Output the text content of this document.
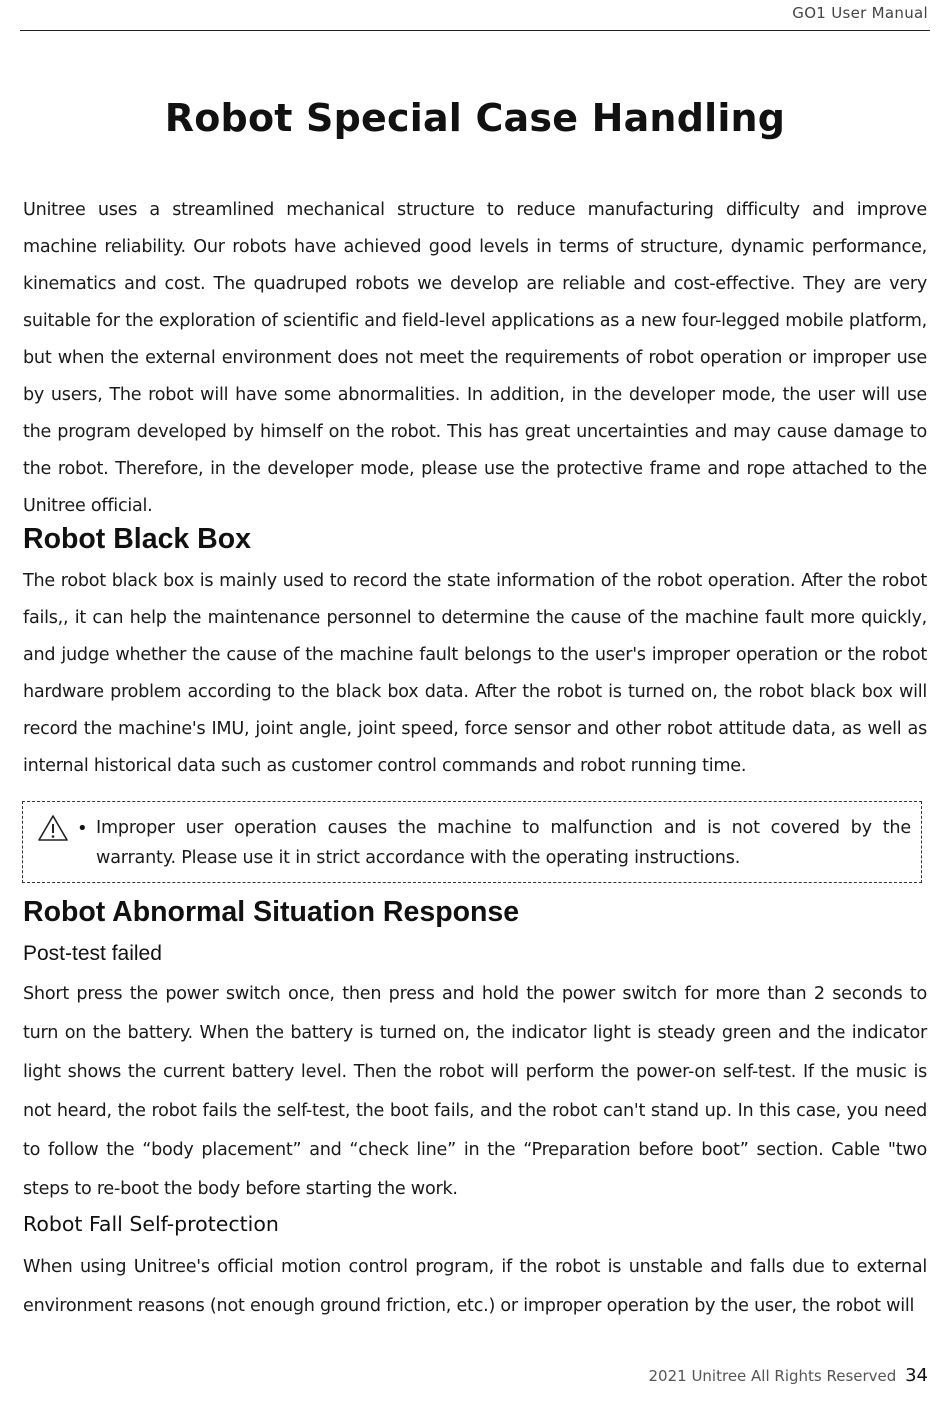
GO1 User Manual
Robot Special Case Handling
Unitree uses a streamlined mechanical structure to reduce manufacturing difficulty and improve machine reliability. Our robots have achieved good levels in terms of structure, dynamic performance, kinematics and cost. The quadruped robots we develop are reliable and cost-effective. They are very suitable for the exploration of scientific and field-level applications as a new four-legged mobile platform, but when the external environment does not meet the requirements of robot operation or improper use by users, The robot will have some abnormalities. In addition, in the developer mode, the user will use the program developed by himself on the robot. This has great uncertainties and may cause damage to the robot. Therefore, in the developer mode, please use the protective frame and rope attached to the Unitree official.
Robot Black Box
The robot black box is mainly used to record the state information of the robot operation. After the robot fails,, it can help the maintenance personnel to determine the cause of the machine fault more quickly, and judge whether the cause of the machine fault belongs to the user's improper operation or the robot hardware problem according to the black box data. After the robot is turned on, the robot black box will record the machine's IMU, joint angle, joint speed, force sensor and other robot attitude data, as well as internal historical data such as customer control commands and robot running time.
• Improper user operation causes the machine to malfunction and is not covered by the warranty. Please use it in strict accordance with the operating instructions.
Robot Abnormal Situation Response
Post-test failed
Short press the power switch once, then press and hold the power switch for more than 2 seconds to turn on the battery. When the battery is turned on, the indicator light is steady green and the indicator light shows the current battery level. Then the robot will perform the power-on self-test. If the music is not heard, the robot fails the self-test, the boot fails, and the robot can't stand up. In this case, you need to follow the “body placement” and “check line” in the “Preparation before boot” section. Cable "two steps to re-boot the body before starting the work.
Robot Fall Self-protection
When using Unitree's official motion control program, if the robot is unstable and falls due to external environment reasons (not enough ground friction, etc.) or improper operation by the user, the robot will
2021 Unitree All Rights Reserved 34
